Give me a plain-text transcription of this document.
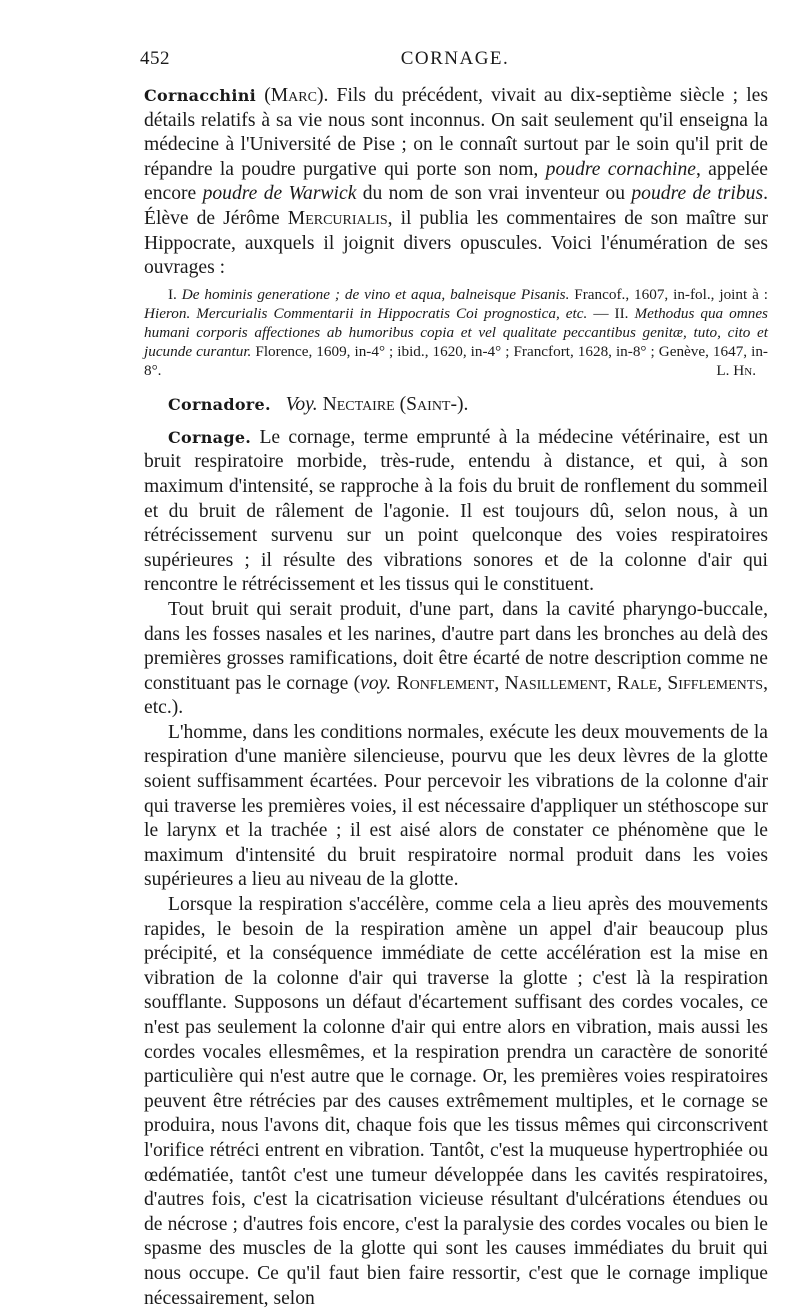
452	CORNAGE.

Cornacchini (Marc). Fils du précédent, vivait au dix-septième siècle ; les détails relatifs à sa vie nous sont inconnus. On sait seulement qu'il enseigna la médecine à l'Université de Pise ; on le connaît surtout par le soin qu'il prit de répandre la poudre purgative qui porte son nom, poudre cornachine, appelée encore poudre de Warwick du nom de son vrai inventeur ou poudre de tribus. Élève de Jérôme Mercurialis, il publia les commentaires de son maître sur Hippocrate, auxquels il joignit divers opuscules. Voici l'énumération de ses ouvrages :

I. De hominis generatione ; de vino et aqua, balneisque Pisanis. Francof., 1607, in-fol., joint à : Hieron. Mercurialis Commentarii in Hippocratis Coi prognostica, etc. — II. Methodus qua omnes humani corporis affectiones ab humoribus copia et vel qualitate peccantibus genitæ, tuto, cito et jucunde curantur. Florence, 1609, in-4° ; ibid., 1620, in-4° ; Francfort, 1628, in-8° ; Genève, 1647, in-8°.	L. Hn.

Cornadore. Voy. Nectaire (Saint-).

Cornage. Le cornage, terme emprunté à la médecine vétérinaire, est un bruit respiratoire morbide, très-rude, entendu à distance, et qui, à son maximum d'intensité, se rapproche à la fois du bruit de ronflement du sommeil et du bruit de râlement de l'agonie. Il est toujours dû, selon nous, à un rétrécissement survenu sur un point quelconque des voies respiratoires supérieures ; il résulte des vibrations sonores et de la colonne d'air qui rencontre le rétrécissement et les tissus qui le constituent.

Tout bruit qui serait produit, d'une part, dans la cavité pharyngo-buccale, dans les fosses nasales et les narines, d'autre part dans les bronches au delà des premières grosses ramifications, doit être écarté de notre description comme ne constituant pas le cornage (voy. Ronflement, Nasillement, Rale, Sifflements, etc.).

L'homme, dans les conditions normales, exécute les deux mouvements de la respiration d'une manière silencieuse, pourvu que les deux lèvres de la glotte soient suffisamment écartées. Pour percevoir les vibrations de la colonne d'air qui traverse les premières voies, il est nécessaire d'appliquer un stéthoscope sur le larynx et la trachée ; il est aisé alors de constater ce phénomène que le maximum d'intensité du bruit respiratoire normal produit dans les voies supérieures a lieu au niveau de la glotte.

Lorsque la respiration s'accélère, comme cela a lieu après des mouvements rapides, le besoin de la respiration amène un appel d'air beaucoup plus précipité, et la conséquence immédiate de cette accélération est la mise en vibration de la colonne d'air qui traverse la glotte ; c'est là la respiration soufflante. Supposons un défaut d'écartement suffisant des cordes vocales, ce n'est pas seulement la colonne d'air qui entre alors en vibration, mais aussi les cordes vocales ellesmêmes, et la respiration prendra un caractère de sonorité particulière qui n'est autre que le cornage. Or, les premières voies respiratoires peuvent être rétrécies par des causes extrêmement multiples, et le cornage se produira, nous l'avons dit, chaque fois que les tissus mêmes qui circonscrivent l'orifice rétréci entrent en vibration. Tantôt, c'est la muqueuse hypertrophiée ou œdématiée, tantôt c'est une tumeur développée dans les cavités respiratoires, d'autres fois, c'est la cicatrisation vicieuse résultant d'ulcérations étendues ou de nécrose ; d'autres fois encore, c'est la paralysie des cordes vocales ou bien le spasme des muscles de la glotte qui sont les causes immédiates du bruit qui nous occupe. Ce qu'il faut bien faire ressortir, c'est que le cornage implique nécessairement, selon
